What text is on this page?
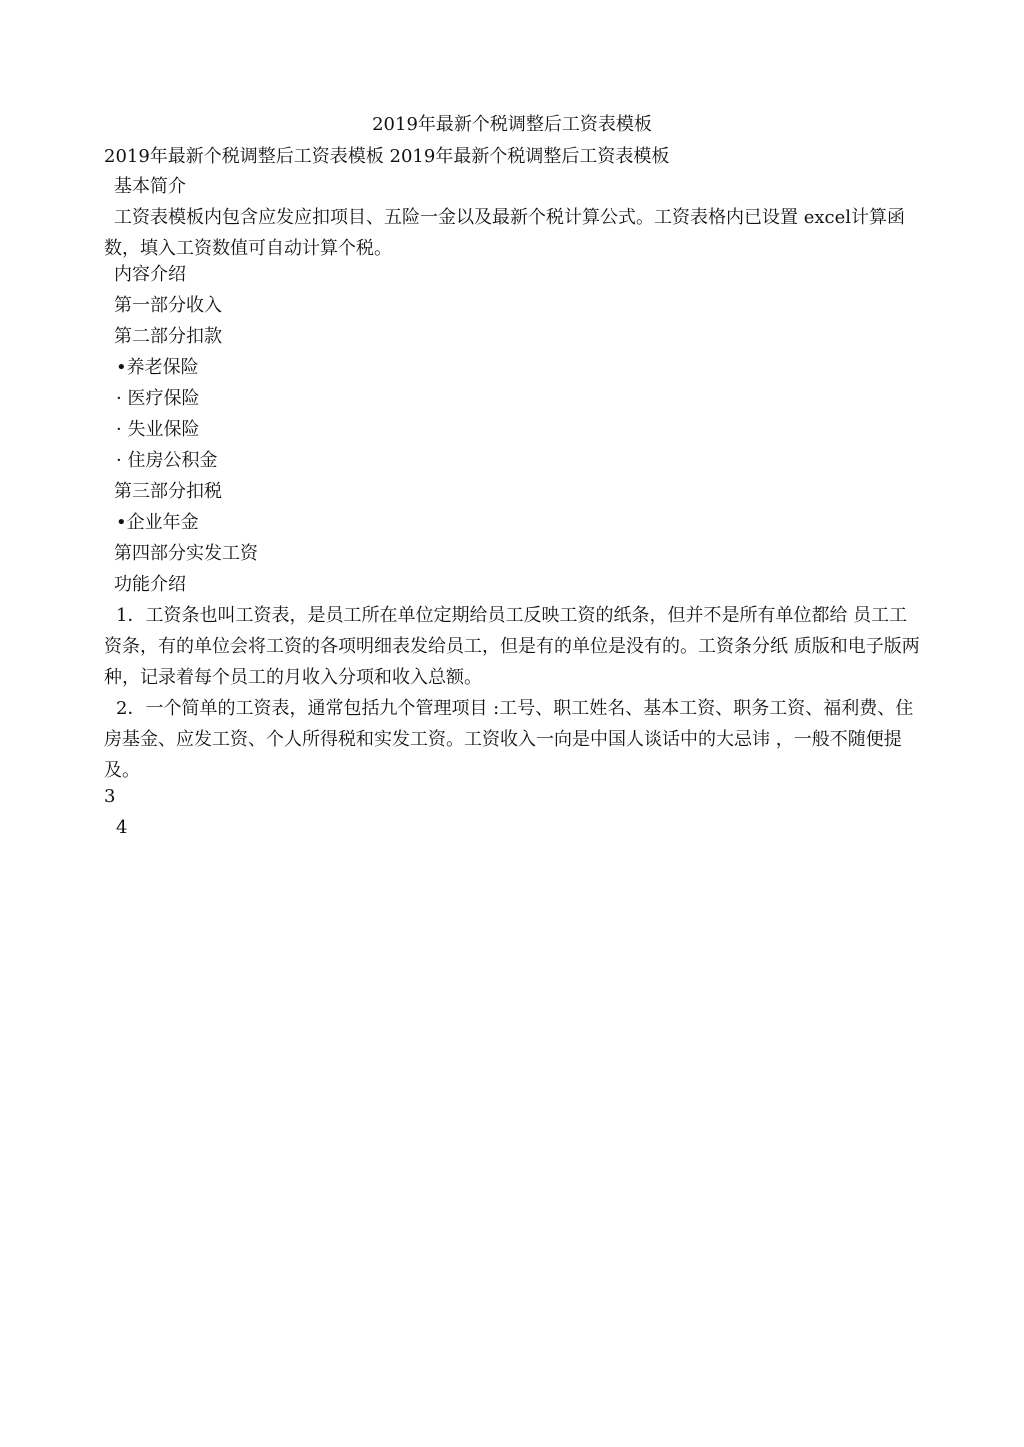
2019年最新个税调整后工资表模板
2019年最新个税调整后工资表模板 2019年最新个税调整后工资表模板
基本简介
工资表模板内包含应发应扣项目、五险一金以及最新个税计算公式。工资表格内已设置 excel计算函数，填入工资数值可自动计算个税。
内容介绍
第一部分收入
第二部分扣款
•养老保险
· 医疗保险
· 失业保险
· 住房公积金
第三部分扣税
•企业年金
第四部分实发工资
功能介绍
1．工资条也叫工资表，是员工所在单位定期给员工反映工资的纸条，但并不是所有单位都给 员工工资条，有的单位会将工资的各项明细表发给员工，但是有的单位是没有的。工资条分纸 质版和电子版两种，记录着每个员工的月收入分项和收入总额。
2．一个简单的工资表，通常包括九个管理项目 :工号、职工姓名、基本工资、职务工资、福利费、住房基金、应发工资、个人所得税和实发工资。工资收入一向是中国人谈话中的大忌讳 ，一般不随便提及。
3
4
